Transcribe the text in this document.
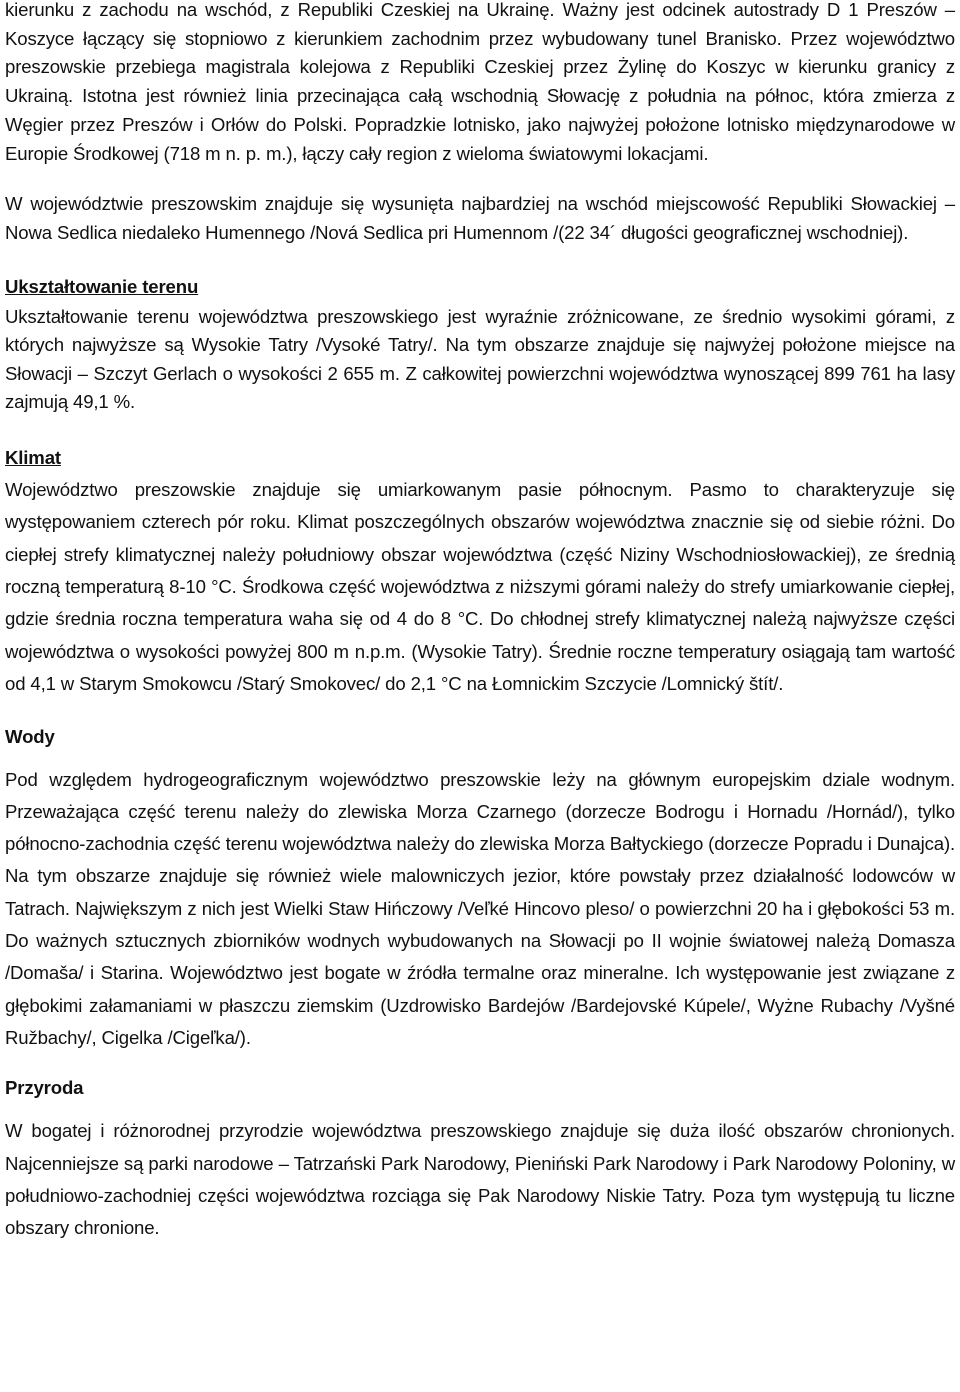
kierunku z zachodu na wschód, z Republiki Czeskiej na Ukrainę. Ważny jest odcinek autostrady D 1 Preszów – Koszyce łączący się stopniowo z kierunkiem zachodnim przez wybudowany tunel Branisko. Przez województwo preszowskie przebiega magistrala kolejowa z Republiki Czeskiej przez Żylinę do Koszyc w kierunku granicy z Ukrainą. Istotna jest również linia przecinająca całą wschodnią Słowację z południa na północ, która zmierza z Węgier przez Preszów i Orłów do Polski. Popradzkie lotnisko, jako najwyżej położone lotnisko międzynarodowe w Europie Środkowej (718 m n. p. m.), łączy cały region z wieloma światowymi lokacjami.

W województwie preszowskim znajduje się wysunięta najbardziej na wschód miejscowość Republiki Słowackiej – Nowa Sedlica niedaleko Humennego /Nová Sedlica pri Humennom /(22 34´ długości geograficznej wschodniej).

Ukształtowanie terenu

Ukształtowanie terenu województwa preszowskiego jest wyraźnie zróżnicowane, ze średnio wysokimi górami, z których najwyższe są Wysokie Tatry /Vysoké Tatry/. Na tym obszarze znajduje się najwyżej położone miejsce na Słowacji – Szczyt Gerlach o wysokości 2 655 m. Z całkowitej powierzchni województwa wynoszącej 899 761 ha lasy zajmują 49,1 %.

Klimat

Województwo preszowskie znajduje się umiarkowanym pasie północnym. Pasmo to charakteryzuje się występowaniem czterech pór roku. Klimat poszczególnych obszarów województwa znacznie się od siebie różni. Do ciepłej strefy klimatycznej należy południowy obszar województwa (część Niziny Wschodniosłowackiej), ze średnią roczną temperaturą 8-10 °C. Środkowa część województwa z niższymi górami należy do strefy umiarkowanie ciepłej, gdzie średnia roczna temperatura waha się od 4 do 8 °C. Do chłodnej strefy klimatycznej należą najwyższe części województwa o wysokości powyżej 800 m n.p.m. (Wysokie Tatry). Średnie roczne temperatury osiągają tam wartość od 4,1 w Starym Smokowcu /Starý Smokovec/ do 2,1 °C na Łomnickim Szczycie /Lomnický štít/.

Wody

Pod względem hydrogeograficznym województwo preszowskie leży na głównym europejskim dziale wodnym. Przeważająca część terenu należy do zlewiska Morza Czarnego (dorzecze Bodrogu i Hornadu /Hornád/), tylko północno-zachodnia część terenu województwa należy do zlewiska Morza Bałtyckiego (dorzecze Popradu i Dunajca). Na tym obszarze znajduje się również wiele malowniczych jezior, które powstały przez działalność lodowców w Tatrach. Największym z nich jest Wielki Staw Hińczowy /Veľké Hincovo pleso/ o powierzchni 20 ha i głębokości 53 m. Do ważnych sztucznych zbiorników wodnych wybudowanych na Słowacji po II wojnie światowej należą Domasza /Domaša/ i Starina. Województwo jest bogate w źródła termalne oraz mineralne. Ich występowanie jest związane z głębokimi załamaniami w płaszczu ziemskim (Uzdrowisko Bardejów /Bardejovské Kúpele/, Wyżne Rubachy /Vyšné Ružbachy/, Cigelka /Cigeľka/).

Przyroda

W bogatej i różnorodnej przyrodzie województwa preszowskiego znajduje się duża ilość obszarów chronionych. Najcenniejsze są parki narodowe – Tatrzański Park Narodowy, Pieniński Park Narodowy i Park Narodowy Poloniny, w południowo-zachodniej części województwa rozciąga się Pak Narodowy Niskie Tatry. Poza tym występują tu liczne obszary chronione.
